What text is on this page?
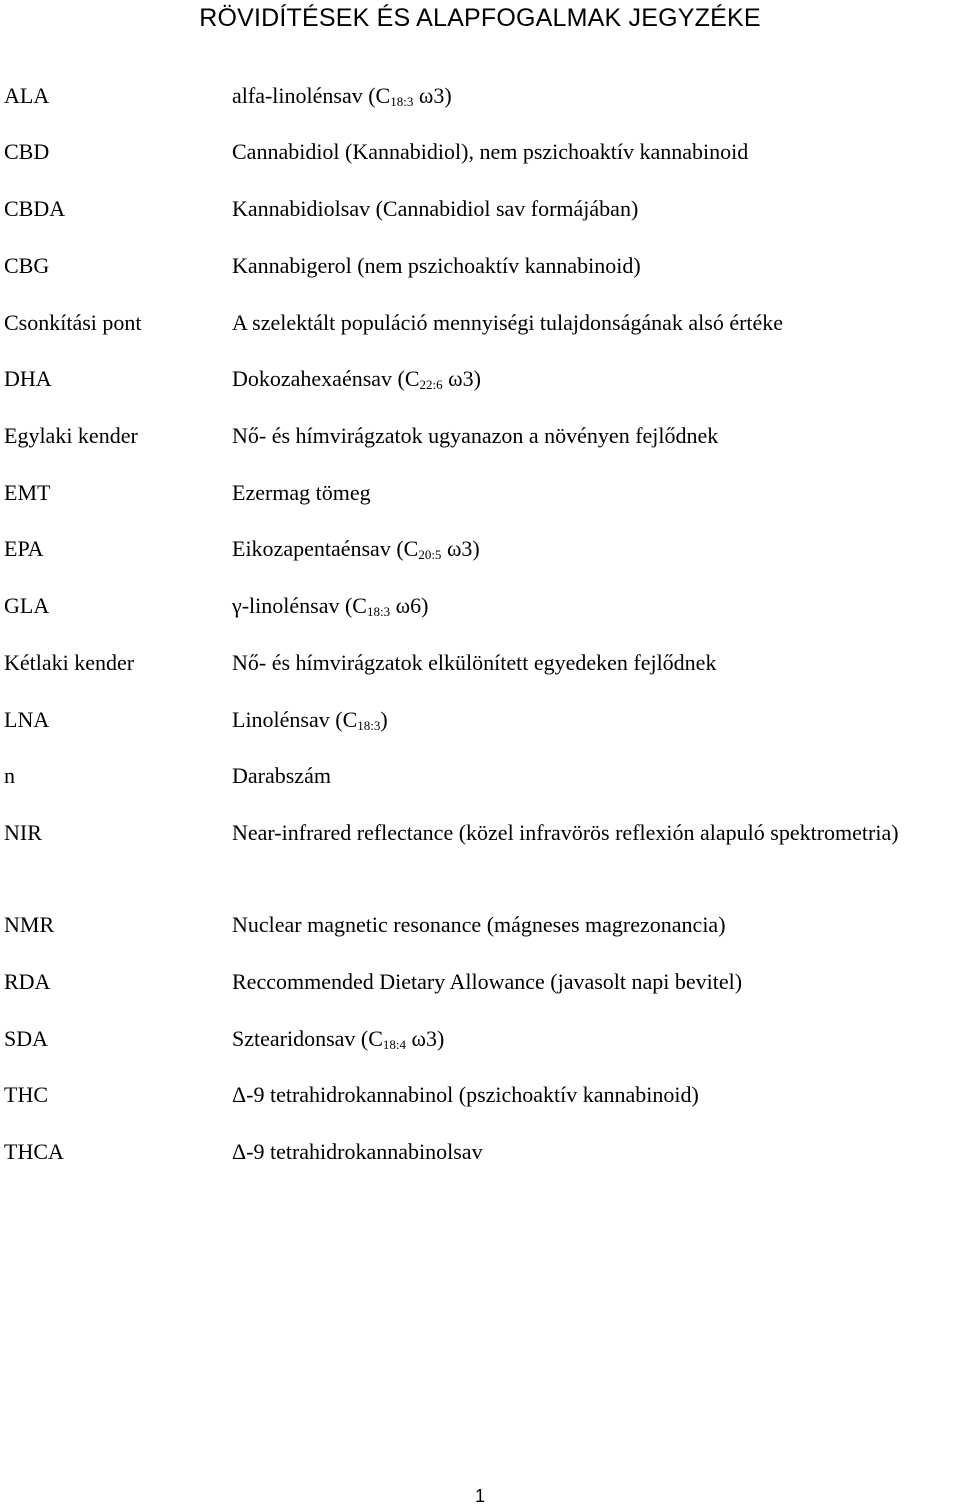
RÖVIDÍTÉSEK ÉS ALAPFOGALMAK JEGYZÉKE
ALA	alfa-linolénsav ($C_{18:3}$ ω3)
CBD	Cannabidiol (Kannabidiol), nem pszichoaktív kannabinoid
CBDA	Kannabidiolsav (Cannabidiol sav formájában)
CBG	Kannabigerol (nem pszichoaktív kannabinoid)
Csonkítási pont	A szelektált populáció mennyiségi tulajdonságának alsó értéke
DHA	Dokozahexaénsav ($C_{22:6}$ ω3)
Egylaki kender	Nő- és hímvirágzatok ugyanazon a növényen fejlődnek
EMT	Ezermag tömeg
EPA	Eikozapentaénsav ($C_{20:5}$ ω3)
GLA	γ-linolénsav ($C_{18:3}$ ω6)
Kétlaki kender	Nő- és hímvirágzatok elkülönített egyedeken fejlődnek
LNA	Linolénsav $(C_{18:3})$
n	Darabszám
NIR	Near-infrared reflectance (közel infravörös reflexión alapuló spektrometria)
NMR	Nuclear magnetic resonance (mágneses magrezonancia)
RDA	Reccommended Dietary Allowance (javasolt napi bevitel)
SDA	Sztearidonsav ($C_{18:4}$ ω3)
THC	Δ-9 tetrahidrokannabinol (pszichoaktív kannabinoid)
THCA	Δ-9 tetrahidrokannabinolsav
1
